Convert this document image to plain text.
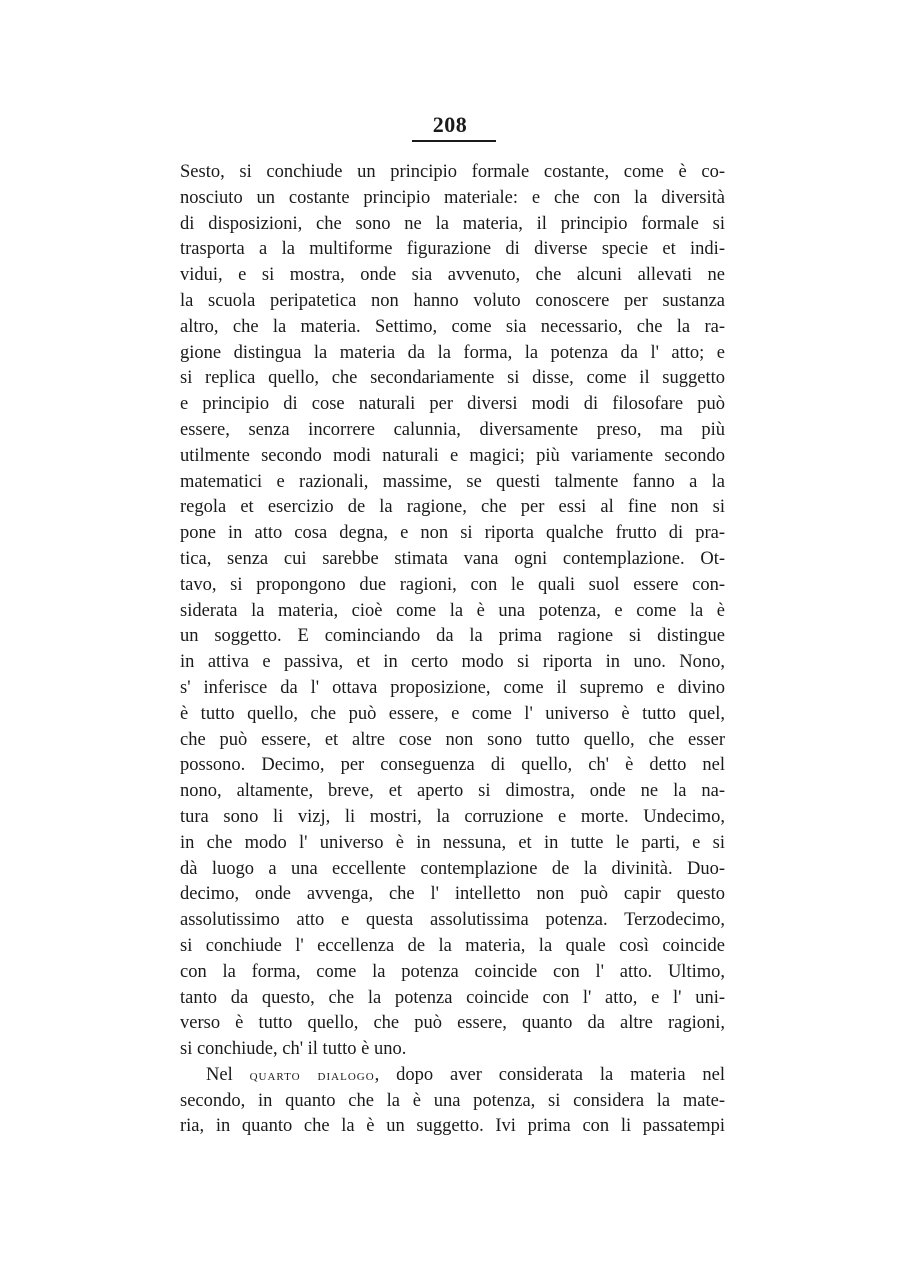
208
Sesto, si conchiude un principio formale costante, come è co-
nosciuto un costante principio materiale: e che con la diversità
di disposizioni, che sono ne la materia, il principio formale si
trasporta a la multiforme figurazione di diverse specie et indi-
vidui, e si mostra, onde sia avvenuto, che alcuni allevati ne
la scuola peripatetica non hanno voluto conoscere per sustanza
altro, che la materia. Settimo, come sia necessario, che la ra-
gione distingua la materia da la forma, la potenza da l' atto; e
si replica quello, che secondariamente si disse, come il suggetto
e principio di cose naturali per diversi modi di filosofare può
essere, senza incorrere calunnia, diversamente preso, ma più
utilmente secondo modi naturali e magici; più variamente secondo
matematici e razionali, massime, se questi talmente fanno a la
regola et esercizio de la ragione, che per essi al fine non si
pone in atto cosa degna, e non si riporta qualche frutto di pra-
tica, senza cui sarebbe stimata vana ogni contemplazione. Ot-
tavo, si propongono due ragioni, con le quali suol essere con-
siderata la materia, cioè come la è una potenza, e come la è
un soggetto. E cominciando da la prima ragione si distingue
in attiva e passiva, et in certo modo si riporta in uno. Nono,
s' inferisce da l' ottava proposizione, come il supremo e divino
è tutto quello, che può essere, e come l' universo è tutto quel,
che può essere, et altre cose non sono tutto quello, che esser
possono. Decimo, per conseguenza di quello, ch' è detto nel
nono, altamente, breve, et aperto si dimostra, onde ne la na-
tura sono li vizj, li mostri, la corruzione e morte. Undecimo,
in che modo l' universo è in nessuna, et in tutte le parti, e si
dà luogo a una eccellente contemplazione de la divinità. Duo-
decimo, onde avvenga, che l' intelletto non può capir questo
assolutissimo atto e questa assolutissima potenza. Terzodecimo,
si conchiude l' eccellenza de la materia, la quale così coincide
con la forma, come la potenza coincide con l' atto. Ultimo,
tanto da questo, che la potenza coincide con l' atto, e l' uni-
verso è tutto quello, che può essere, quanto da altre ragioni,
si conchiude, ch' il tutto è uno.
Nel quarto dialogo, dopo aver considerata la materia nel
secondo, in quanto che la è una potenza, si considera la mate-
ria, in quanto che la è un suggetto. Ivi prima con li passatempi
